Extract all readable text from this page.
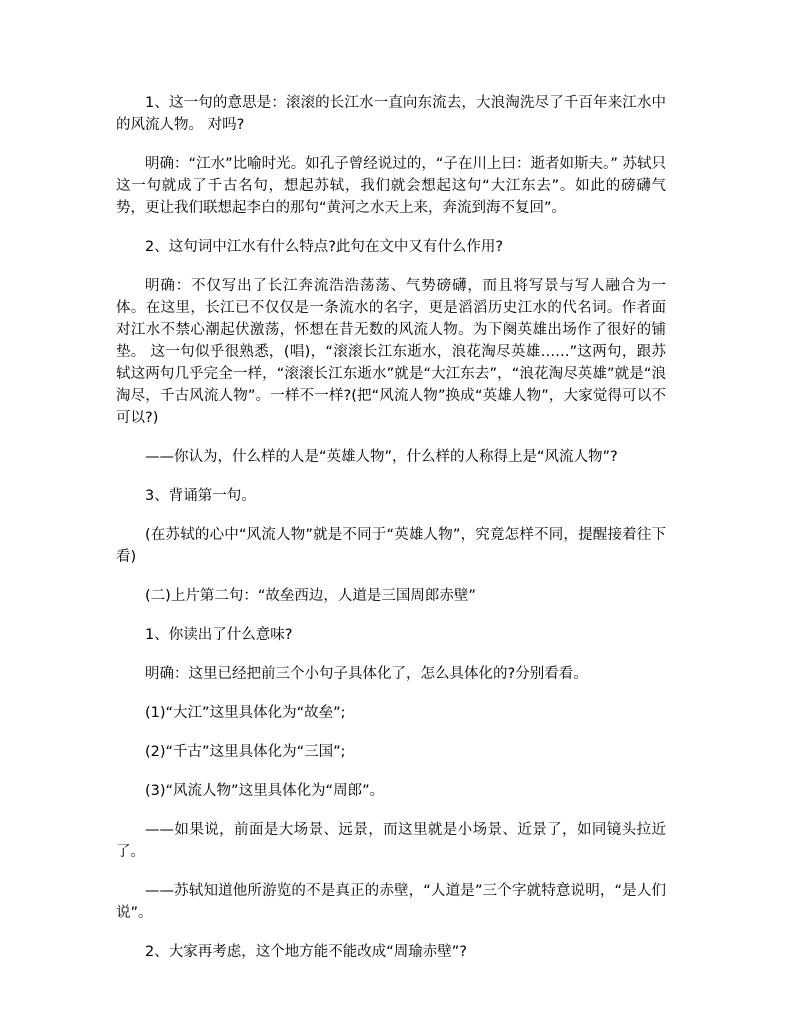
1、这一句的意思是：滚滚的长江水一直向东流去，大浪淘洗尽了千百年来江水中的风流人物。 对吗?

明确：“江水”比喻时光。如孔子曾经说过的，“子在川上曰：逝者如斯夫。” 苏轼只这一句就成了千古名句，想起苏轼，我们就会想起这句“大江东去”。如此的磅礴气势，更让我们联想起李白的那句“黄河之水天上来，奔流到海不复回”。

2、这句词中江水有什么特点?此句在文中又有什么作用?

明确：不仅写出了长江奔流浩浩荡荡、气势磅礴，而且将写景与写人融合为一体。在这里，长江已不仅仅是一条流水的名字，更是滔滔历史江水的代名词。作者面对江水不禁心潮起伏激荡，怀想在昔无数的风流人物。为下阕英雄出场作了很好的铺垫。 这一句似乎很熟悉，(唱)，“滚滚长江东逝水，浪花淘尽英雄……”这两句，跟苏轼这两句几乎完全一样，“滚滚长江东逝水”就是“大江东去”，“浪花淘尽英雄”就是“浪淘尽，千古风流人物”。一样不一样?(把“风流人物”换成“英雄人物”，大家觉得可以不可以?)

——你认为，什么样的人是“英雄人物”，什么样的人称得上是“风流人物”?

3、背诵第一句。

(在苏轼的心中“风流人物”就是不同于“英雄人物”，究竟怎样不同，提醒接着往下看)

(二)上片第二句：“故垒西边，人道是三国周郎赤壁”

1、你读出了什么意味?

明确：这里已经把前三个小句子具体化了，怎么具体化的?分别看看。

(1)“大江”这里具体化为“故垒”;

(2)“千古”这里具体化为“三国”;

(3)“风流人物”这里具体化为“周郎”。

——如果说，前面是大场景、远景，而这里就是小场景、近景了，如同镜头拉近了。

——苏轼知道他所游览的不是真正的赤壁，“人道是”三个字就特意说明，“是人们说”。

2、大家再考虑，这个地方能不能改成“周瑜赤壁”?
